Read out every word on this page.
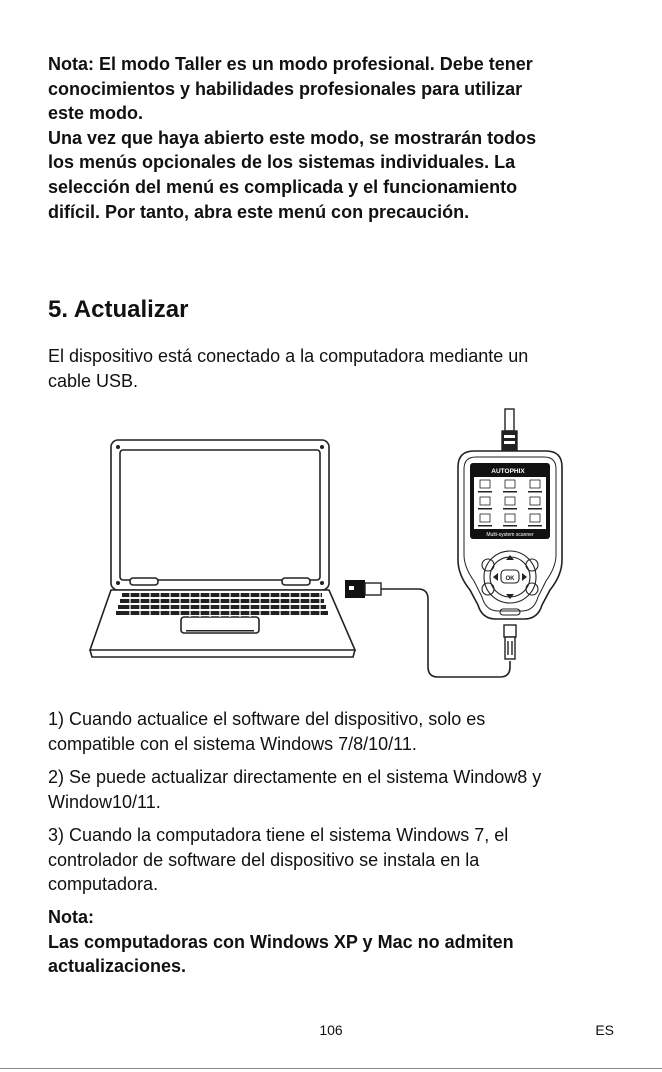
Nota: El modo Taller es un modo profesional. Debe tener
conocimientos y habilidades profesionales para utilizar
este modo.
Una vez que haya abierto este modo, se mostrarán todos
los menús opcionales de los sistemas individuales. La
selección del menú es complicada y el funcionamiento
difícil. Por tanto, abra este menú con precaución.

5. Actualizar

El dispositivo está conectado a la computadora mediante un
cable USB.

AUTOPHIX
Multi-system scanner
OK

1) Cuando actualice el software del dispositivo, solo es
compatible con el sistema Windows 7/8/10/11.

2) Se puede actualizar directamente en el sistema Window8 y
Window10/11.

3) Cuando la computadora tiene el sistema Windows 7, el
controlador de software del dispositivo se instala en la
computadora.

Nota:
Las computadoras con Windows XP y Mac no admiten
actualizaciones.

106	ES
